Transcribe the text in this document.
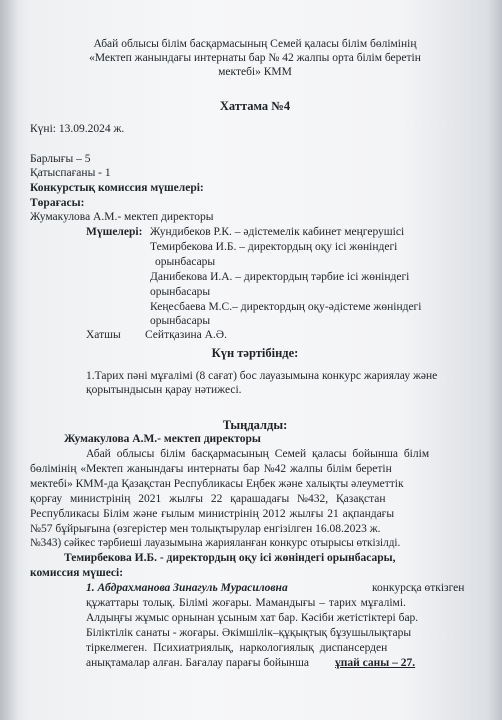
Абай облысы білім басқармасының Семей қаласы білім бөлімінің
«Мектеп жанындағы интернаты бар № 42 жалпы орта білім беретін
мектебі» КММ
Хаттама №4
Күні: 13.09.2024 ж.
Барлығы – 5
Қатыспағаны - 1
Конкурстық комиссия мүшелері:
Төрағасы:
Жумакулова А.М.- мектеп директоры
Мүшелері: Жундибеков Р.К. – әдістемелік кабинет меңгерушісі
Темирбекова И.Б. – директордың оқу ісі жөніндегі
орынбасары
Данибекова И.А. – директордың тәрбие ісі жөніндегі
орынбасары
Кеңесбаева М.С.– директордың оқу-әдістеме жөніндегі
орынбасары
Хатшы Сейтқазина А.Ә.
Күн тәртібінде:
1.Тарих пәні мұғалімі (8 сағат) бос лауазымына конкурс жариялау және
қорытындысын қарау нәтижесі.
Тыңдалды:
Жумакулова А.М.- мектеп директоры
Абай облысы білім басқармасының Семей қаласы бойынша білім
бөлімінің «Мектеп жанындағы интернаты бар №42 жалпы білім беретін
мектебі» КММ-да Қазақстан Республикасы Еңбек және халықты әлеуметтік
қорғау министрінің 2021 жылғы 22 қарашадағы №432, Қазақстан
Республикасы Білім және ғылым министрінің 2012 жылғы 21 ақпандағы
№57 бұйрығына (өзгерістер мен толықтырулар енгізілген 16.08.2023 ж.
№343) сәйкес тәрбиеші лауазымына жарияланған конкурс отырысы өткізілді.
Темирбекова И.Б. - директордың оқу ісі жөніндегі орынбасары,
комиссия мүшесі:
1. Абдрахманова Зинагуль Мурасиловна	конкурсқа өткізген
құжаттары толық. Білімі жоғары. Мамандығы – тарих мұғалімі.
Алдыңғы жұмыс орнынан ұсыным хат бар. Кәсіби жетістіктері бар.
Біліктілік санаты - жоғары. Әкімшілік–құқықтық бұзушылықтары
тіркелмеген. Психиатриялық, наркологиялық диспансерден
анықтамалар алған. Бағалау парағы бойынша ұпай саны – 27.
